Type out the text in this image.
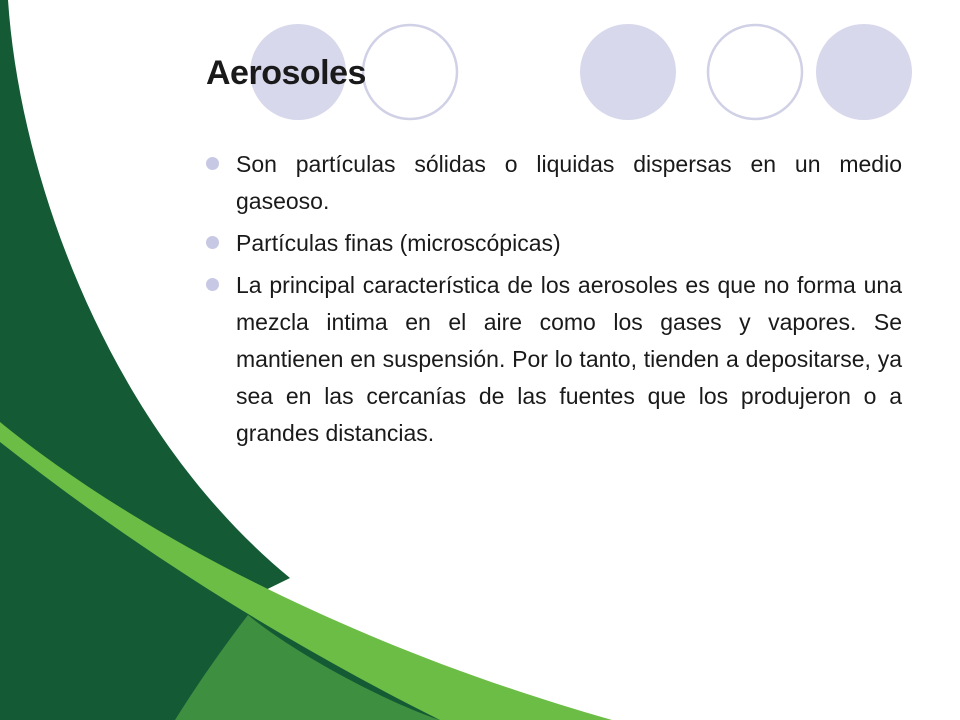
Aerosoles
Son partículas sólidas o liquidas dispersas en un medio gaseoso.
Partículas finas (microscópicas)
La principal característica de los aerosoles es que no forma una mezcla intima en el aire como los gases y vapores. Se mantienen en suspensión. Por lo tanto, tienden a depositarse, ya sea en las cercanías de las fuentes que los produjeron o a grandes distancias.
